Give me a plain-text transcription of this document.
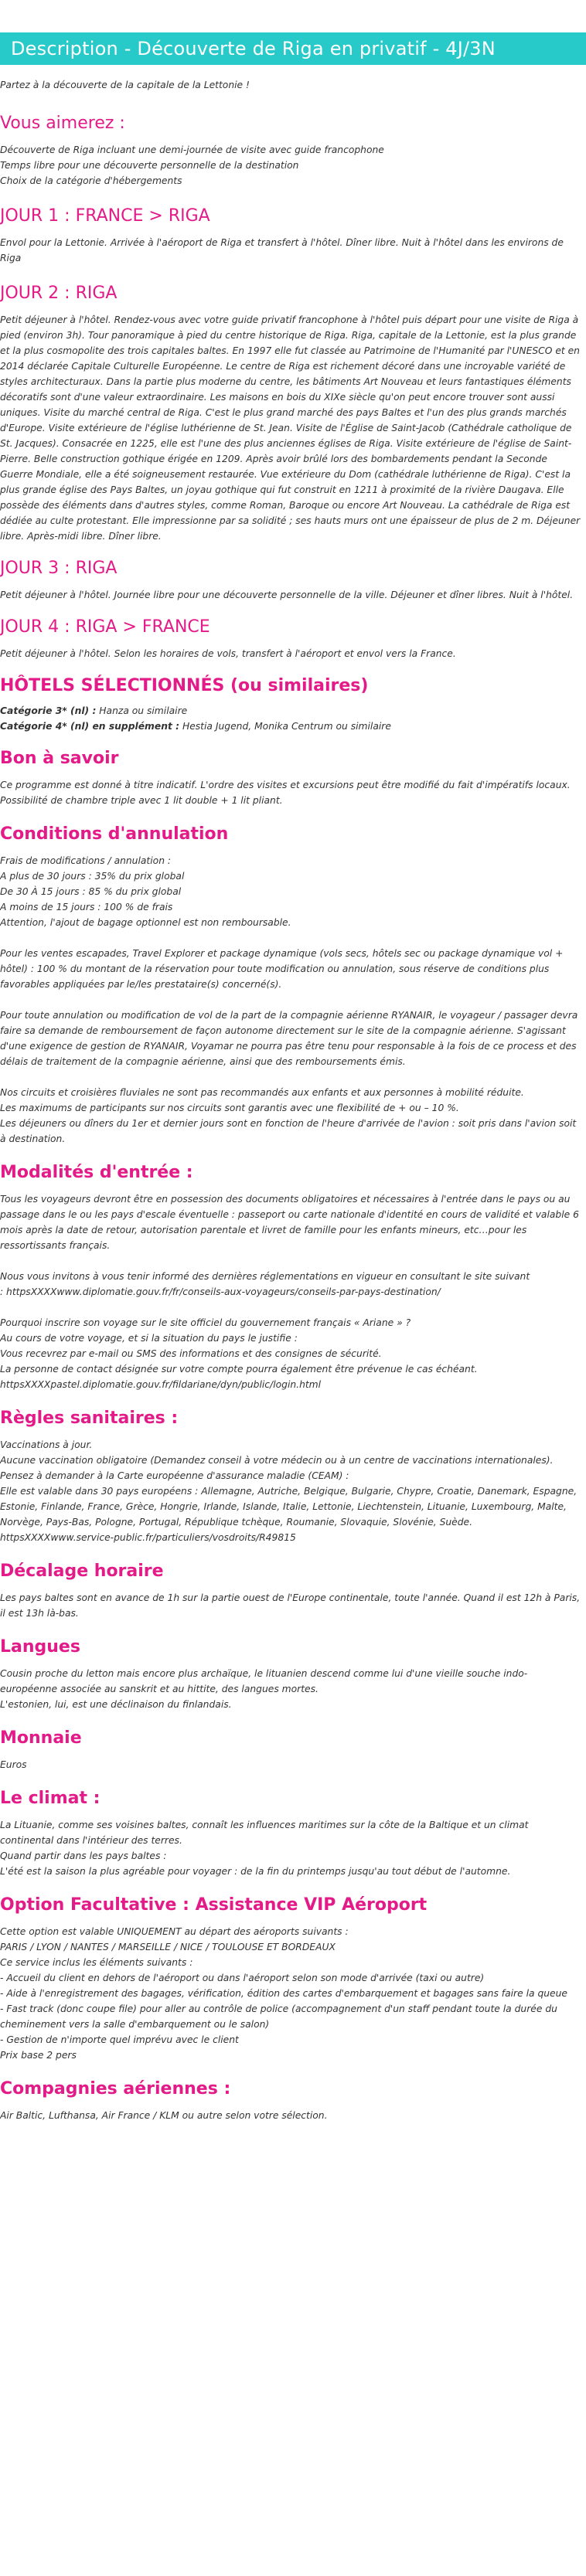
Description - Découverte de Riga en privatif - 4J/3N

Partez à la découverte de la capitale de la Lettonie !

Vous aimerez :

Découverte de Riga incluant une demi-journée de visite avec guide francophone

Temps libre pour une découverte personnelle de la destination

Choix de la catégorie d'hébergements

JOUR 1 : FRANCE > RIGA

Envol pour la Lettonie. Arrivée à l'aéroport de Riga et transfert à l'hôtel. Dîner libre. Nuit à l'hôtel dans les environs de Riga

JOUR 2 : RIGA

Petit déjeuner à l'hôtel. Rendez-vous avec votre guide privatif francophone à l'hôtel puis départ pour une visite de Riga à pied (environ 3h). Tour panoramique à pied du centre historique de Riga. Riga, capitale de la Lettonie, est la plus grande et la plus cosmopolite des trois capitales baltes. En 1997 elle fut classée au Patrimoine de l'Humanité par l'UNESCO et en 2014 déclarée Capitale Culturelle Européenne. Le centre de Riga est richement décoré dans une incroyable variété de styles architecturaux. Dans la partie plus moderne du centre, les bâtiments Art Nouveau et leurs fantastiques éléments décoratifs sont d'une valeur extraordinaire. Les maisons en bois du XIXe siècle qu'on peut encore trouver sont aussi uniques. Visite du marché central de Riga. C'est le plus grand marché des pays Baltes et l'un des plus grands marchés d'Europe. Visite extérieure de l'église luthérienne de St. Jean. Visite de l'Église de Saint-Jacob (Cathédrale catholique de St. Jacques). Consacrée en 1225, elle est l'une des plus anciennes églises de Riga. Visite extérieure de l'église de Saint-Pierre. Belle construction gothique érigée en 1209. Après avoir brûlé lors des bombardements pendant la Seconde Guerre Mondiale, elle a été soigneusement restaurée. Vue extérieure du Dom (cathédrale luthérienne de Riga). C'est la plus grande église des Pays Baltes, un joyau gothique qui fut construit en 1211 à proximité de la rivière Daugava. Elle possède des éléments dans d'autres styles, comme Roman, Baroque ou encore Art Nouveau. La cathédrale de Riga est dédiée au culte protestant. Elle impressionne par sa solidité ; ses hauts murs ont une épaisseur de plus de 2 m. Déjeuner libre. Après-midi libre. Dîner libre.

JOUR 3 : RIGA

Petit déjeuner à l'hôtel. Journée libre pour une découverte personnelle de la ville. Déjeuner et dîner libres. Nuit à l'hôtel.

JOUR 4 : RIGA > FRANCE

Petit déjeuner à l'hôtel. Selon les horaires de vols, transfert à l'aéroport et envol vers la France.

HÔTELS SÉLECTIONNÉS (ou similaires)

Catégorie 3* (nl) : Hanza ou similaire

Catégorie 4* (nl) en supplément : Hestia Jugend, Monika Centrum ou similaire

Bon à savoir

Ce programme est donné à titre indicatif. L'ordre des visites et excursions peut être modifié du fait d'impératifs locaux.

Possibilité de chambre triple avec 1 lit double + 1 lit pliant.

Conditions d'annulation

Frais de modifications / annulation :

A plus de 30 jours : 35% du prix global

De 30 À 15 jours : 85 % du prix global

A moins de 15 jours : 100 % de frais

Attention, l'ajout de bagage optionnel est non remboursable.

Pour les ventes escapades, Travel Explorer et package dynamique (vols secs, hôtels sec ou package dynamique vol + hôtel) : 100 % du montant de la réservation pour toute modification ou annulation, sous réserve de conditions plus favorables appliquées par le/les prestataire(s) concerné(s).

Pour toute annulation ou modification de vol de la part de la compagnie aérienne RYANAIR, le voyageur / passager devra faire sa demande de remboursement de façon autonome directement sur le site de la compagnie aérienne. S'agissant d'une exigence de gestion de RYANAIR, Voyamar ne pourra pas être tenu pour responsable à la fois de ce process et des délais de traitement de la compagnie aérienne, ainsi que des remboursements émis.

Nos circuits et croisières fluviales ne sont pas recommandés aux enfants et aux personnes à mobilité réduite.

Les maximums de participants sur nos circuits sont garantis avec une flexibilité de + ou – 10 %.

Les déjeuners ou dîners du 1er et dernier jours sont en fonction de l'heure d'arrivée de l'avion : soit pris dans l'avion soit à destination.

Modalités d'entrée :

Tous les voyageurs devront être en possession des documents obligatoires et nécessaires à l'entrée dans le pays ou au passage dans le ou les pays d'escale éventuelle : passeport ou carte nationale d'identité en cours de validité et valable 6 mois après la date de retour, autorisation parentale et livret de famille pour les enfants mineurs, etc…pour les ressortissants français.

Nous vous invitons à vous tenir informé des dernières réglementations en vigueur en consultant le site suivant

: httpsXXXXwww.diplomatie.gouv.fr/fr/conseils-aux-voyageurs/conseils-par-pays-destination/

Pourquoi inscrire son voyage sur le site officiel du gouvernement français « Ariane » ?

Au cours de votre voyage, et si la situation du pays le justifie :

Vous recevrez par e-mail ou SMS des informations et des consignes de sécurité.

La personne de contact désignée sur votre compte pourra également être prévenue le cas échéant.

httpsXXXXpastel.diplomatie.gouv.fr/fildariane/dyn/public/login.html

Règles sanitaires :

Vaccinations à jour.

Aucune vaccination obligatoire (Demandez conseil à votre médecin ou à un centre de vaccinations internationales).

Pensez à demander à la Carte européenne d'assurance maladie (CEAM) :

Elle est valable dans 30 pays européens : Allemagne, Autriche, Belgique, Bulgarie, Chypre, Croatie, Danemark, Espagne, Estonie, Finlande, France, Grèce, Hongrie, Irlande, Islande, Italie, Lettonie, Liechtenstein, Lituanie, Luxembourg, Malte, Norvège, Pays-Bas, Pologne, Portugal, République tchèque, Roumanie, Slovaquie, Slovénie, Suède.

httpsXXXXwww.service-public.fr/particuliers/vosdroits/R49815

Décalage horaire

Les pays baltes sont en avance de 1h sur la partie ouest de l'Europe continentale, toute l'année. Quand il est 12h à Paris, il est 13h là-bas.

Langues

Cousin proche du letton mais encore plus archaïque, le lituanien descend comme lui d'une vieille souche indo-européenne associée au sanskrit et au hittite, des langues mortes.

L'estonien, lui, est une déclinaison du finlandais.

Monnaie

Euros

Le climat :

La Lituanie, comme ses voisines baltes, connaît les influences maritimes sur la côte de la Baltique et un climat continental dans l'intérieur des terres.

Quand partir dans les pays baltes :

L'été est la saison la plus agréable pour voyager : de la fin du printemps jusqu'au tout début de l'automne.

Option Facultative : Assistance VIP Aéroport

Cette option est valable UNIQUEMENT au départ des aéroports suivants :

PARIS / LYON / NANTES / MARSEILLE / NICE / TOULOUSE ET BORDEAUX

Ce service inclus les éléments suivants :

- Accueil du client en dehors de l'aéroport ou dans l'aéroport selon son mode d'arrivée (taxi ou autre)

- Aide à l'enregistrement des bagages, vérification, édition des cartes d'embarquement et bagages sans faire la queue

- Fast track (donc coupe file) pour aller au contrôle de police (accompagnement d'un staff pendant toute la durée du cheminement vers la salle d'embarquement ou le salon)

- Gestion de n'importe quel imprévu avec le client

Prix base 2 pers

Compagnies aériennes :

Air Baltic, Lufthansa, Air France / KLM ou autre selon votre sélection.
